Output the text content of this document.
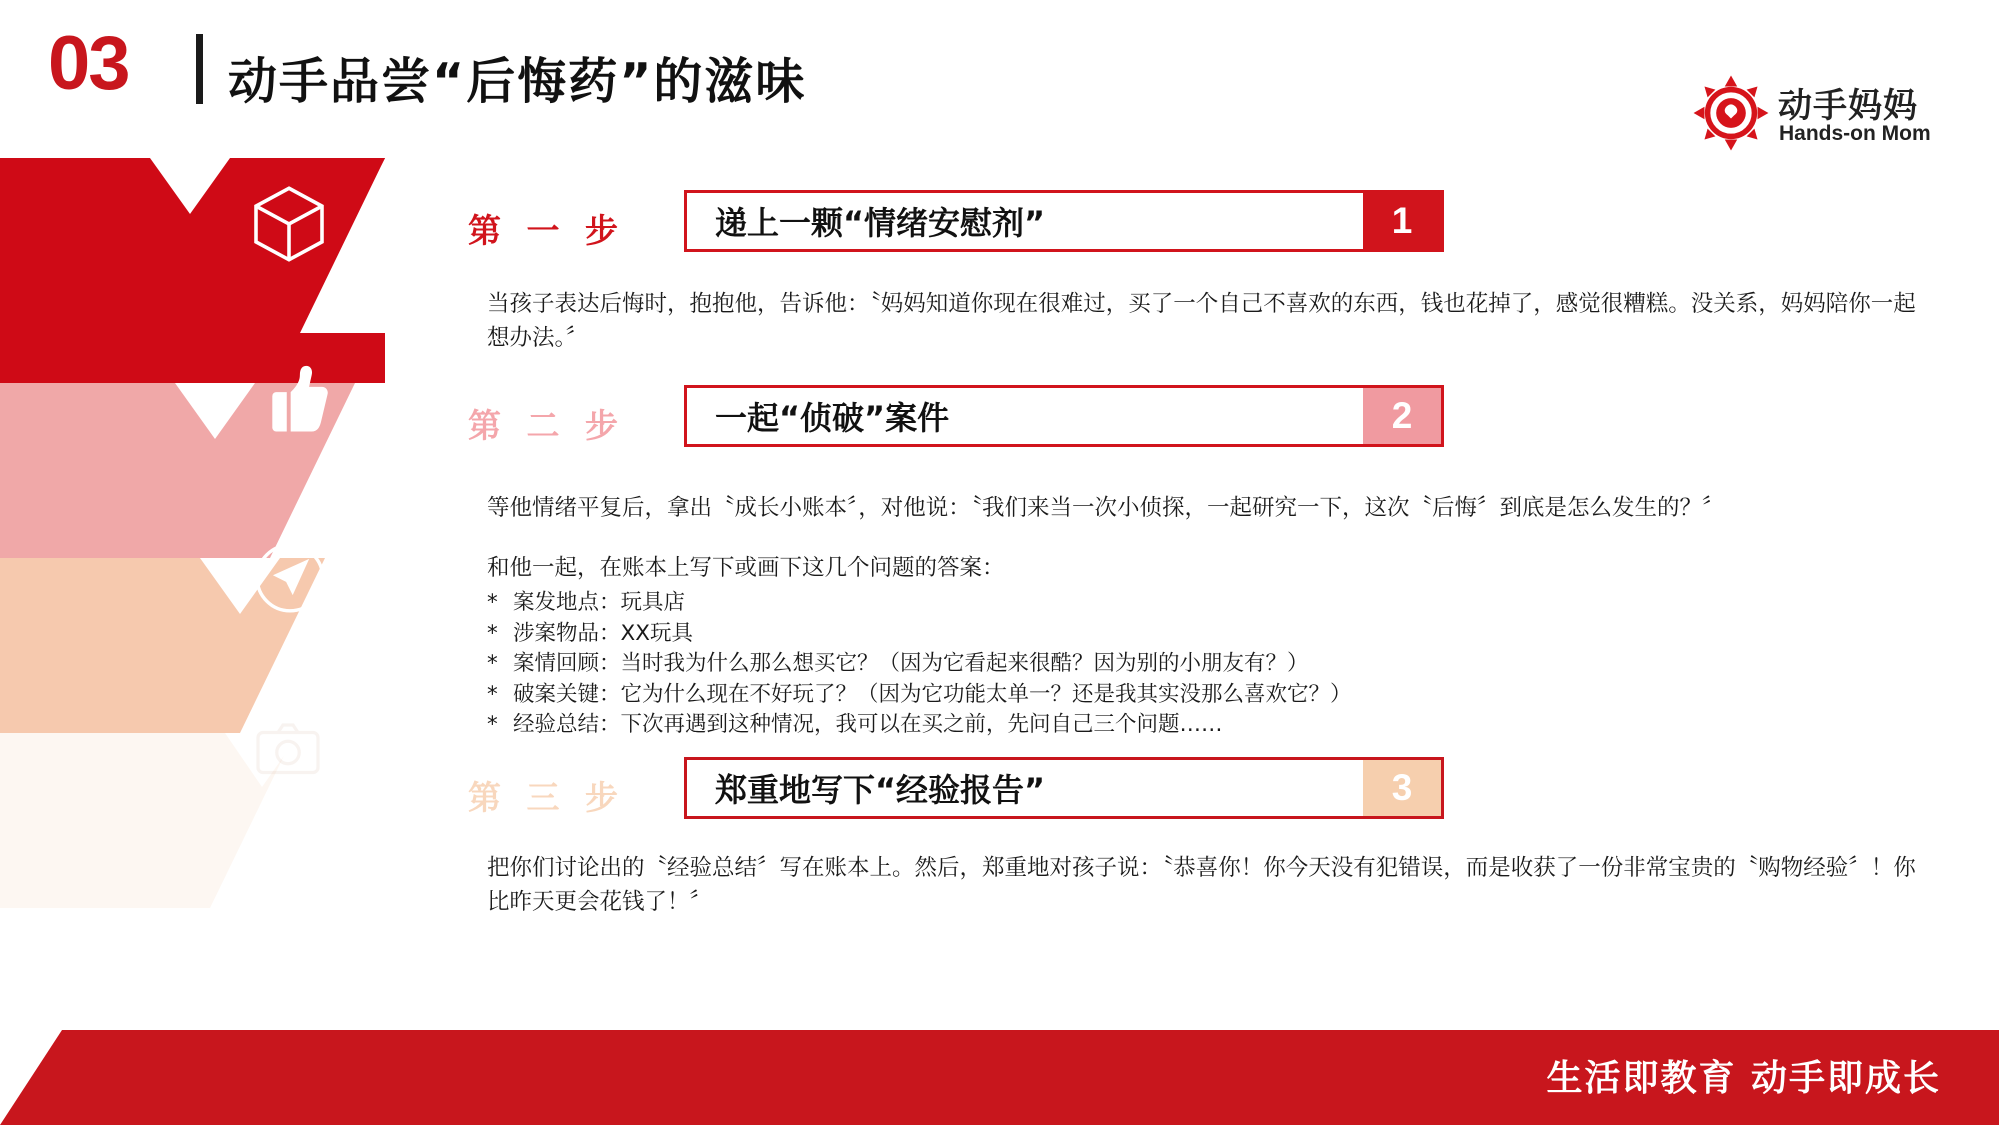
03 动手品尝“后悔药”的滋味	动手妈妈
Hands-on Mom
第 一 步	递上一颗“情绪安慰剂”	1
当孩子表达后悔时，抱抱他，告诉他：〝妈妈知道你现在很难过，买了一个自己不喜欢的东西，钱也花掉了，感觉很糟糕。没关系，妈妈陪你一起想办法。〞
第 二 步	一起“侦破”案件	2
等他情绪平复后，拿出〝成长小账本〞，对他说：〝我们来当一次小侦探，一起研究一下，这次〝后悔〞到底是怎么发生的？〞
和他一起，在账本上写下或画下这几个问题的答案：
* 案发地点：玩具店
* 涉案物品：XX玩具
* 案情回顾：当时我为什么那么想买它？（因为它看起来很酷？因为别的小朋友有？）
* 破案关键：它为什么现在不好玩了？（因为它功能太单一？还是我其实没那么喜欢它？）
* 经验总结：下次再遇到这种情况，我可以在买之前，先问自己三个问题……
第 三 步	郑重地写下“经验报告”	3
把你们讨论出的〝经验总结〞写在账本上。然后，郑重地对孩子说：〝恭喜你！你今天没有犯错误，而是收获了一份非常宝贵的〝购物经验〞！你比昨天更会花钱了！〞
生活即教育 动手即成长
